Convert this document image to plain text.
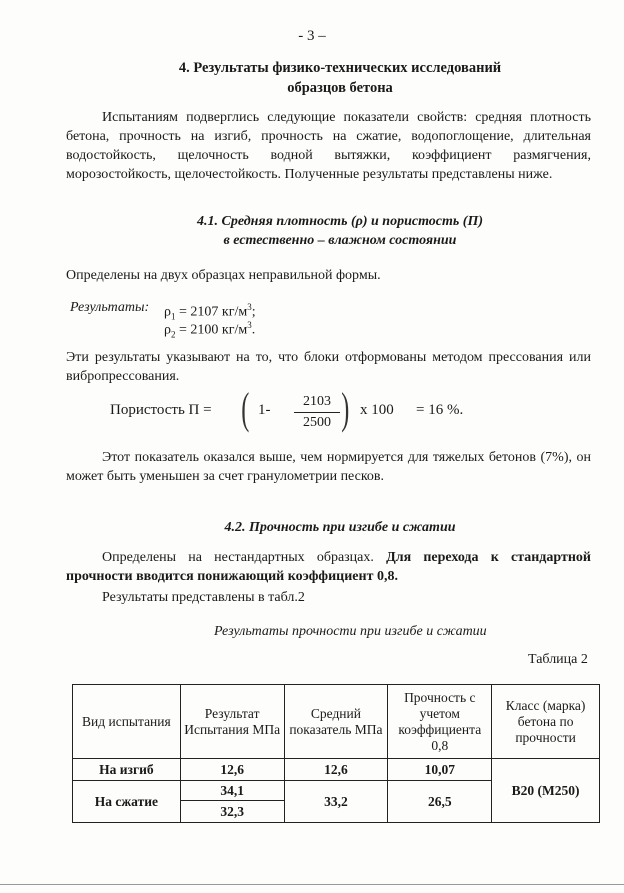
- 3 –
4. Результаты физико-технических исследований
образцов бетона
Испытаниям подверглись следующие показатели свойств: средняя плотность бетона, прочность на изгиб, прочность на сжатие, водопоглощение, длительная водостойкость, щелочность водной вытяжки, коэффициент размягчения, морозостойкость, щелочестойкость. Полученные результаты представлены ниже.
4.1. Средняя плотность (ρ) и пористость (П)
в естественно – влажном состоянии
Определены на двух образцах неправильной формы.
Результаты: $\rho_1 = 2107$ $кг/м^3$;
$\rho_2 = 2100$ $кг/м^3$.
Эти результаты указывают на то, что блоки отформованы методом прессования или вибропрессования.
Пористость П = ( 1-
2103
2500 ) x 100 = 16 %.
Этот показатель оказался выше, чем нормируется для тяжелых бетонов (7%), он может быть уменьшен за счет гранулометрии песков.
4.2. Прочность при изгибе и сжатии
Определены на нестандартных образцах. Для перехода к стандартной прочности вводится понижающий коэффициент 0,8.
Результаты представлены в табл.2
Результаты прочности при изгибе и сжатии
Таблица 2
Вид испытания	Результат Испытания МПа	Средний показатель МПа	Прочность с учетом коэффициента 0,8	Класс (марка) бетона по прочности
На изгиб	12,6	12,6	10,07	В20 (М250)
На сжатие	34,1	33,2	26,5	
	32,3			
